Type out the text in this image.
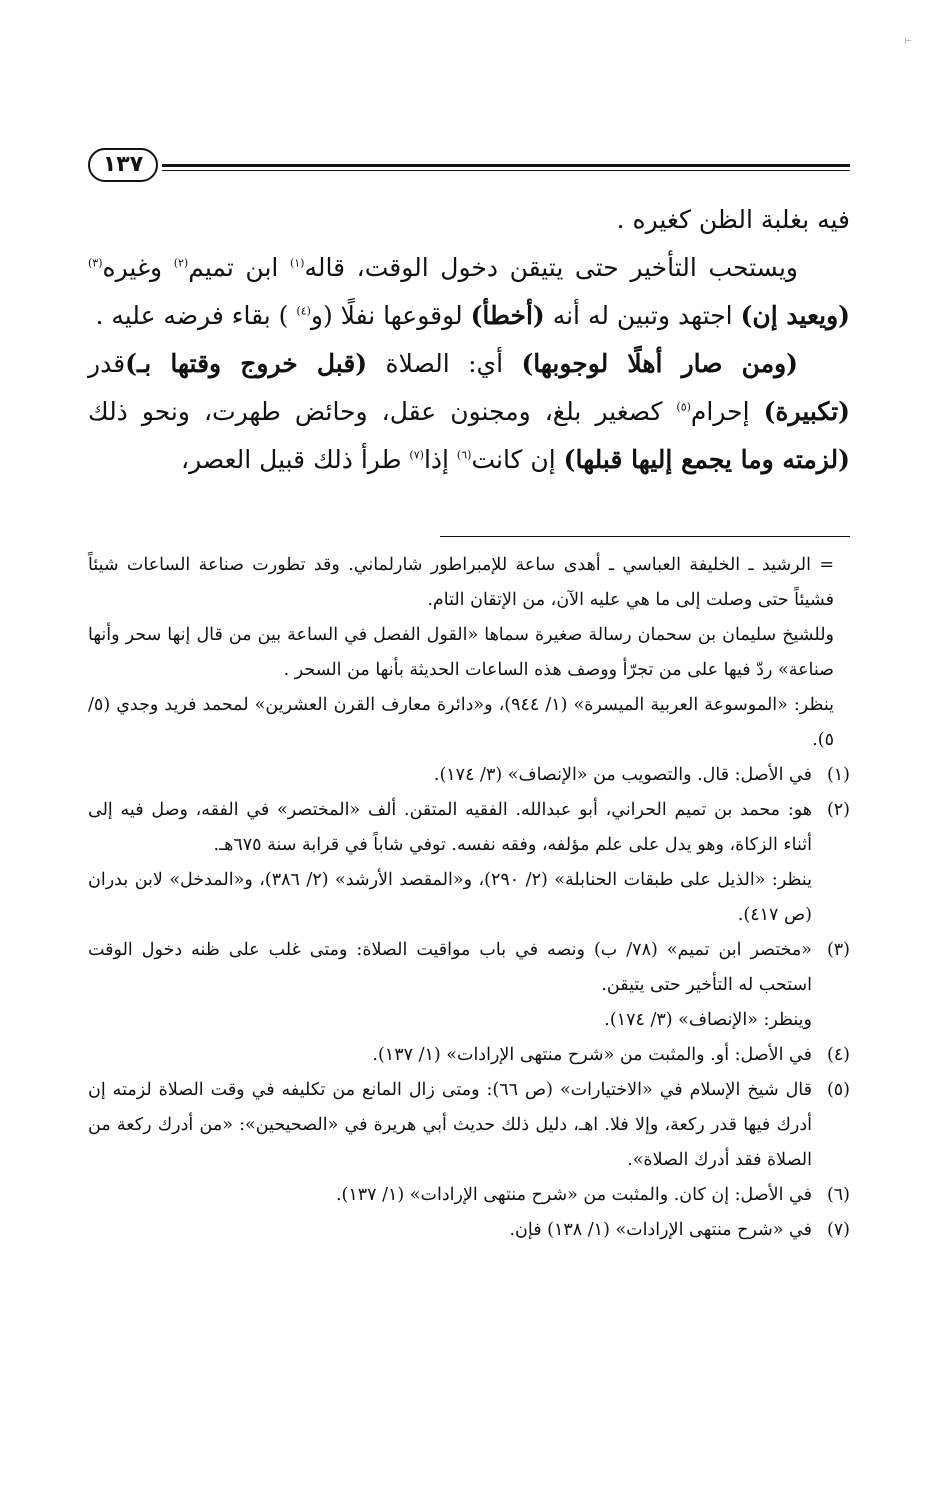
١٣٧

فيه بغلبة الظن كغيره .

ويستحب التأخير حتى يتيقن دخول الوقت، قاله$^{(١)}$ ابن تميم$^{(٢)}$ وغيره$^{(٣)}$ (ويعيد إن) اجتهد وتبين له أنه (أخطأ) لوقوعها نفلًا (و$^{(٤)}$ ) بقاء فرضه عليه .

(ومن صار أهلًا لوجوبها) أي: الصلاة (قبل خروج وقتها بـ)قدر (تكبيرة) إحرام$^{(٥)}$ كصغير بلغ، ومجنون عقل، وحائض طهرت، ونحو ذلك (لزمته وما يجمع إليها قبلها) إن كانت$^{(٦)}$ إذا$^{(٧)}$ طرأ ذلك قبيل العصر،

= الرشيد ـ الخليفة العباسي ـ أهدى ساعة للإمبراطور شارلماني. وقد تطورت صناعة الساعات شيئاً فشيئاً حتى وصلت إلى ما هي عليه الآن، من الإتقان التام.

وللشيخ سليمان بن سحمان رسالة صغيرة سماها «القول الفصل في الساعة بين من قال إنها سحر وأنها صناعة» ردّ فيها على من تجرّأ ووصف هذه الساعات الحديثة بأنها من السحر .

ينظر: «الموسوعة العربية الميسرة» (١/ ٩٤٤)، و«دائرة معارف القرن العشرين» لمحمد فريد وجدي (٥/ ٥).

(١)
في الأصل: قال. والتصويب من «الإنصاف» (٣/ ١٧٤).

(٢)
هو: محمد بن تميم الحراني، أبو عبدالله. الفقيه المتقن. ألف «المختصر» في الفقه، وصل فيه إلى أثناء الزكاة، وهو يدل على علم مؤلفه، وفقه نفسه. توفي شاباً في قرابة سنة ٦٧٥هـ.

ينظر: «الذيل على طبقات الحنابلة» (٢/ ٢٩٠)، و«المقصد الأرشد» (٢/ ٣٨٦)، و«المدخل» لابن بدران (ص ٤١٧).

(٣)
«مختصر ابن تميم» (٧٨/ ب) ونصه في باب مواقيت الصلاة: ومتى غلب على ظنه دخول الوقت استحب له التأخير حتى يتيقن.

وينظر: «الإنصاف» (٣/ ١٧٤).

(٤)
في الأصل: أو. والمثبت من «شرح منتهى الإرادات» (١/ ١٣٧).

(٥)
قال شيخ الإسلام في «الاختيارات» (ص ٦٦): ومتى زال المانع من تكليفه في وقت الصلاة لزمته إن أدرك فيها قدر ركعة، وإلا فلا. اهـ، دليل ذلك حديث أبي هريرة في «الصحيحين»: «من أدرك ركعة من الصلاة فقد أدرك الصلاة».

(٦)
في الأصل: إن كان. والمثبت من «شرح منتهى الإرادات» (١/ ١٣٧).

(٧)
في «شرح منتهى الإرادات» (١/ ١٣٨) فإن.
